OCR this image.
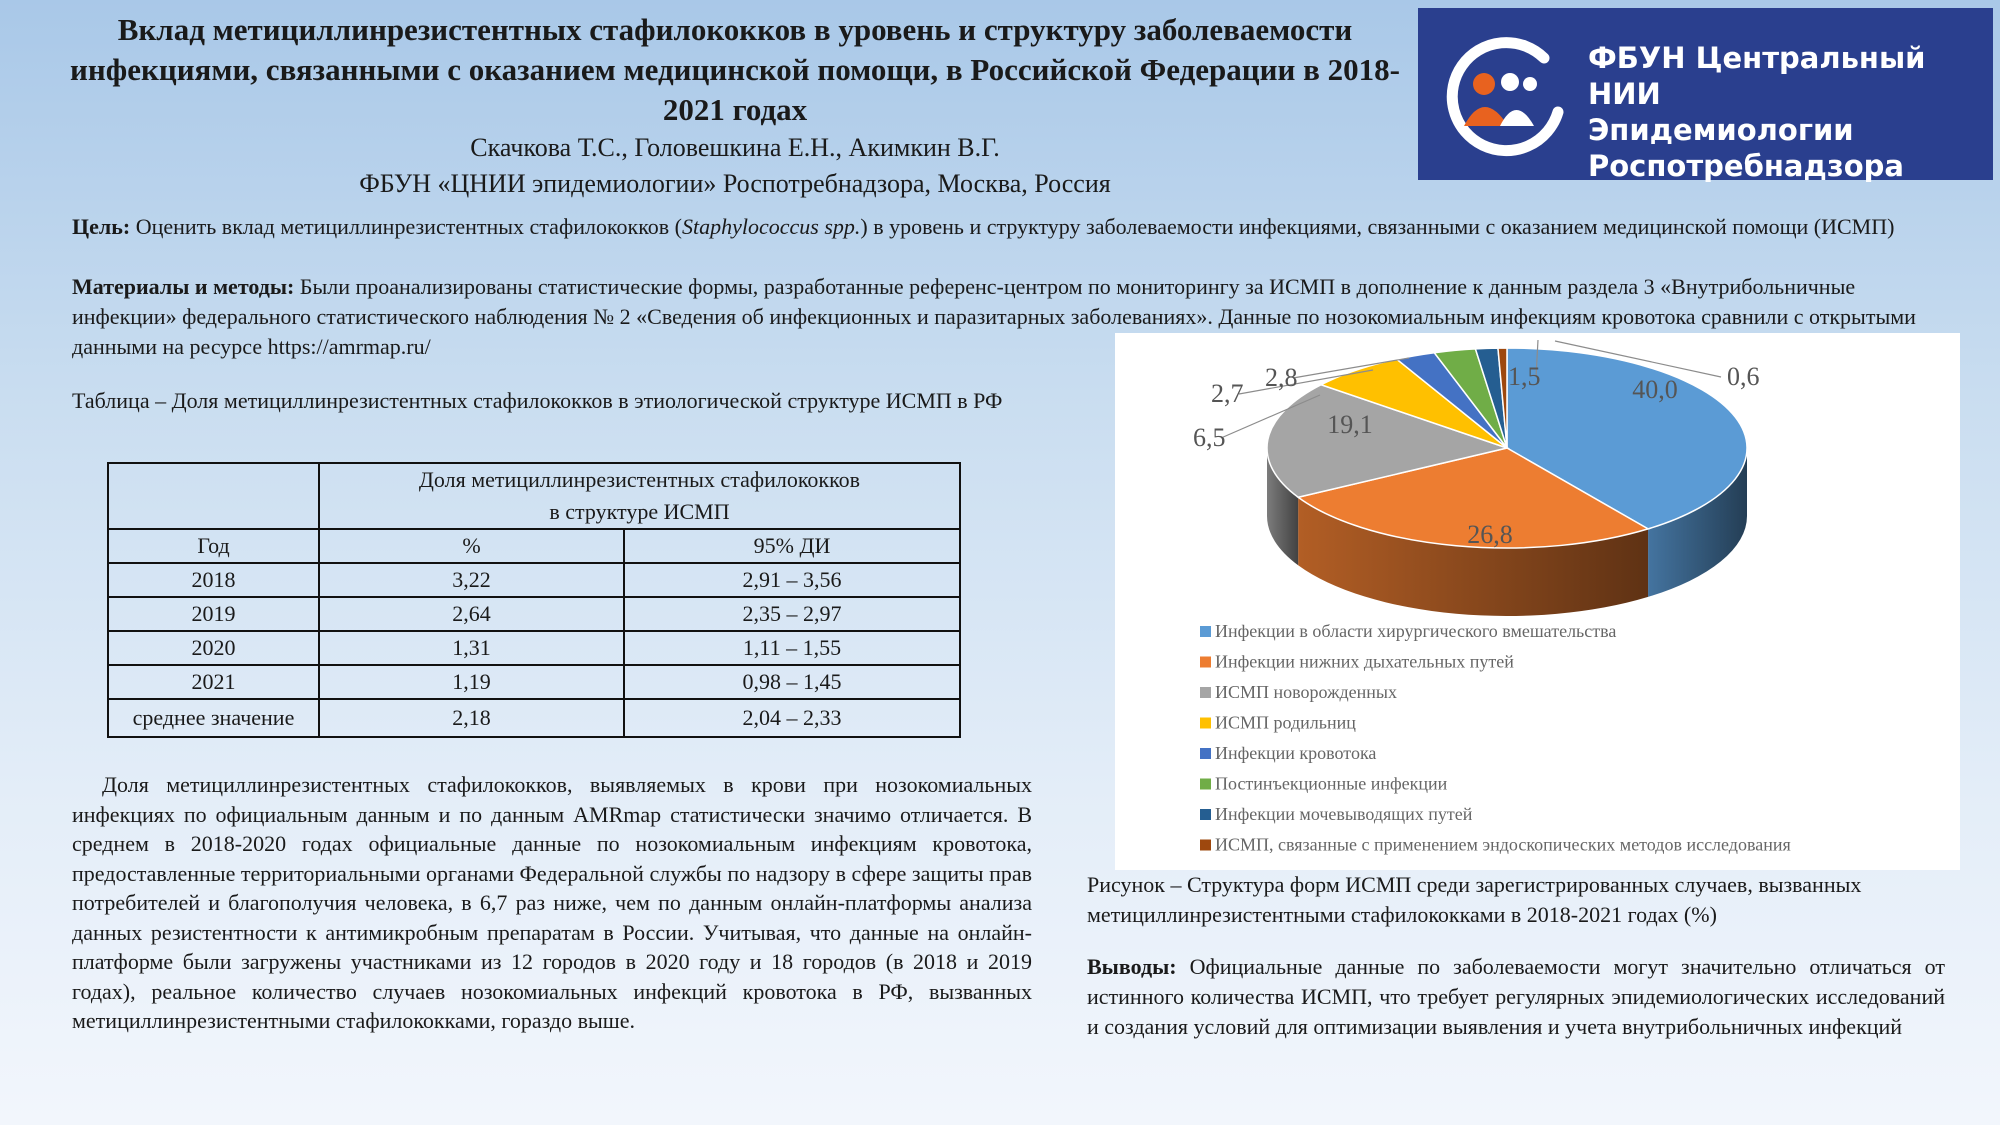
Вклад метициллинрезистентных стафилококков в уровень и структуру заболеваемости инфекциями, связанными с оказанием медицинской помощи, в Российской Федерации в 2018-2021 годах
Скачкова Т.С., Головешкина Е.Н., Акимкин В.Г.
ФБУН «ЦНИИ эпидемиологии» Роспотребнадзора, Москва, Россия
ФБУН Центральный НИИ
Эпидемиологии
Роспотребнадзора
Цель: Оценить вклад метициллинрезистентных стафилококков (Staphylococcus spp.) в уровень и структуру заболеваемости инфекциями, связанными с оказанием медицинской помощи (ИСМП)
Материалы и методы: Были проанализированы статистические формы, разработанные референс-центром по мониторингу за ИСМП в дополнение к данным раздела 3 «Внутрибольничные инфекции» федерального статистического наблюдения № 2 «Сведения об инфекционных и паразитарных заболеваниях». Данные по нозокомиальным инфекциям кровотока сравнили с открытыми данными на ресурсе https://amrmap.ru/
Таблица – Доля метициллинрезистентных стафилококков в этиологической структуре ИСМП в РФ

	Доля метициллинрезистентных стафилококков
в структуре ИСМП	

Год	%	95% ДИ
2018	3,22	2,91 – 3,56
2019	2,64	2,35 – 2,97
2020	1,31	1,11 – 1,55
2021	1,19	0,98 – 1,45
среднее значение	2,18	2,04 – 2,33
Доля метициллинрезистентных стафилококков, выявляемых в крови при нозокомиальных инфекциях по официальным данным и по данным AMRmap статистически значимо отличается. В среднем в 2018-2020 годах официальные данные по нозокомиальным инфекциям кровотока, предоставленные территориальными органами Федеральной службы по надзору в сфере защиты прав потребителей и благополучия человека, в 6,7 раз ниже, чем по данным онлайн-платформы анализа данных резистентности к антимикробным препаратам в России. Учитывая, что данные на онлайн-платформе были загружены участниками из 12 городов в 2020 году и 18 городов (в 2018 и 2019 годах), реальное количество случаев нозокомиальных инфекций кровотока в РФ, вызванных метициллинрезистентными стафилококками, гораздо выше.
40,0
26,8
19,1
6,5
2,7
2,8	1,5	0,6
Инфекции в области хирургического вмешательства
Инфекции нижних дыхательных путей
ИСМП новорожденных
ИСМП родильниц
Инфекции кровотока
Постинъекционные инфекции
Инфекции мочевыводящих путей
ИСМП, связанные с применением эндоскопических методов исследования
Рисунок – Структура форм ИСМП среди зарегистрированных случаев, вызванных метициллинрезистентными стафилококками в 2018-2021 годах (%)
Выводы: Официальные данные по заболеваемости могут значительно отличаться от истинного количества ИСМП, что требует регулярных эпидемиологических исследований и создания условий для оптимизации выявления и учета внутрибольничных инфекций
